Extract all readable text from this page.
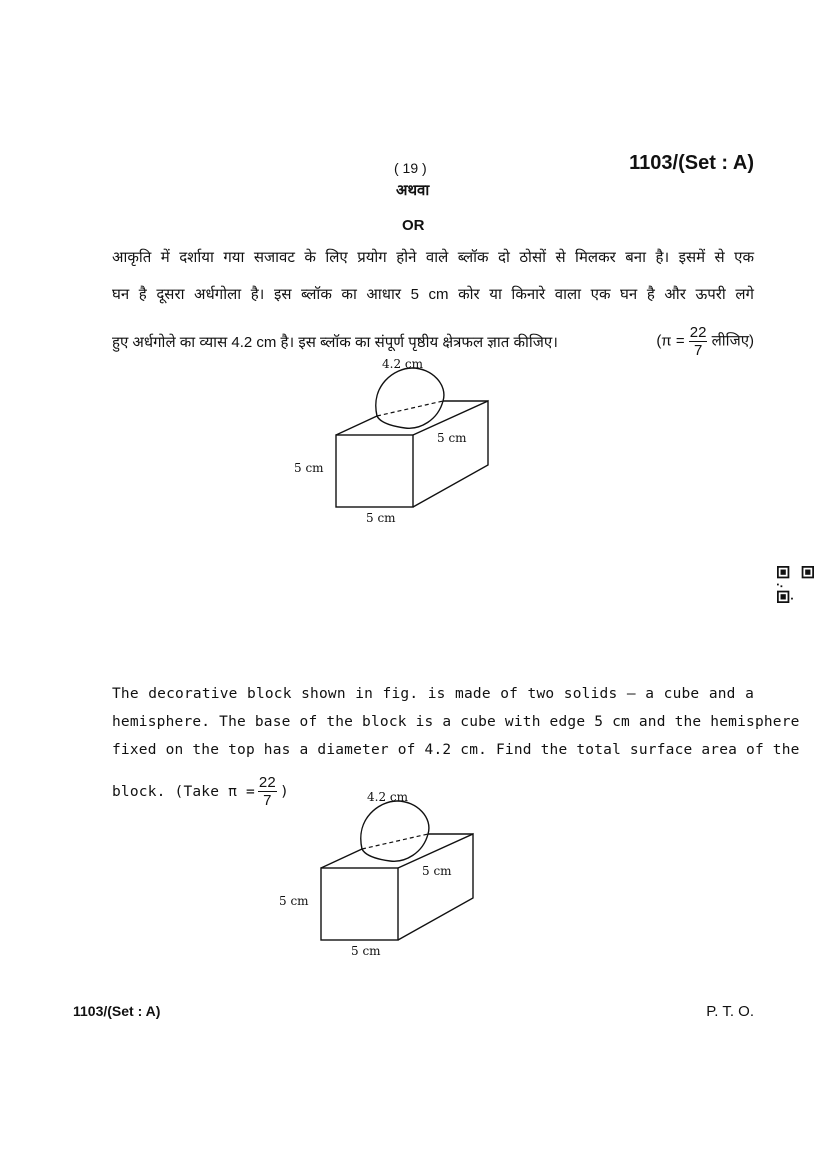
( 19 )	1103/(Set : A)
अथवा
OR
आकृति में दर्शाया गया सजावट के लिए प्रयोग होने वाले ब्लॉक दो ठोसों से मिलकर बना है। इसमें से एक
घन है दूसरा अर्धगोला है। इस ब्लॉक का आधार 5 cm कोर या किनारे वाला एक घन है और ऊपरी लगे
हुए अर्धगोले का व्यास 4.2 cm है। इस ब्लॉक का संपूर्ण पृष्ठीय क्षेत्रफल ज्ञात कीजिए।	($\pi = \frac{22}{7}$ लीजिए)
4.2 cm
5 cm
5 cm
5 cm
4.2 cm
5 cm
5 cm
5 cm
The decorative block shown in fig. is made of two solids – a cube and a
hemisphere. The base of the block is a cube with edge 5 cm and the hemisphere
fixed on the top has a diameter of 4.2 cm. Find the total surface area of the
block. (Take $\pi = \frac{22}{7}$ )
1103/(Set : A)	P. T. O.
